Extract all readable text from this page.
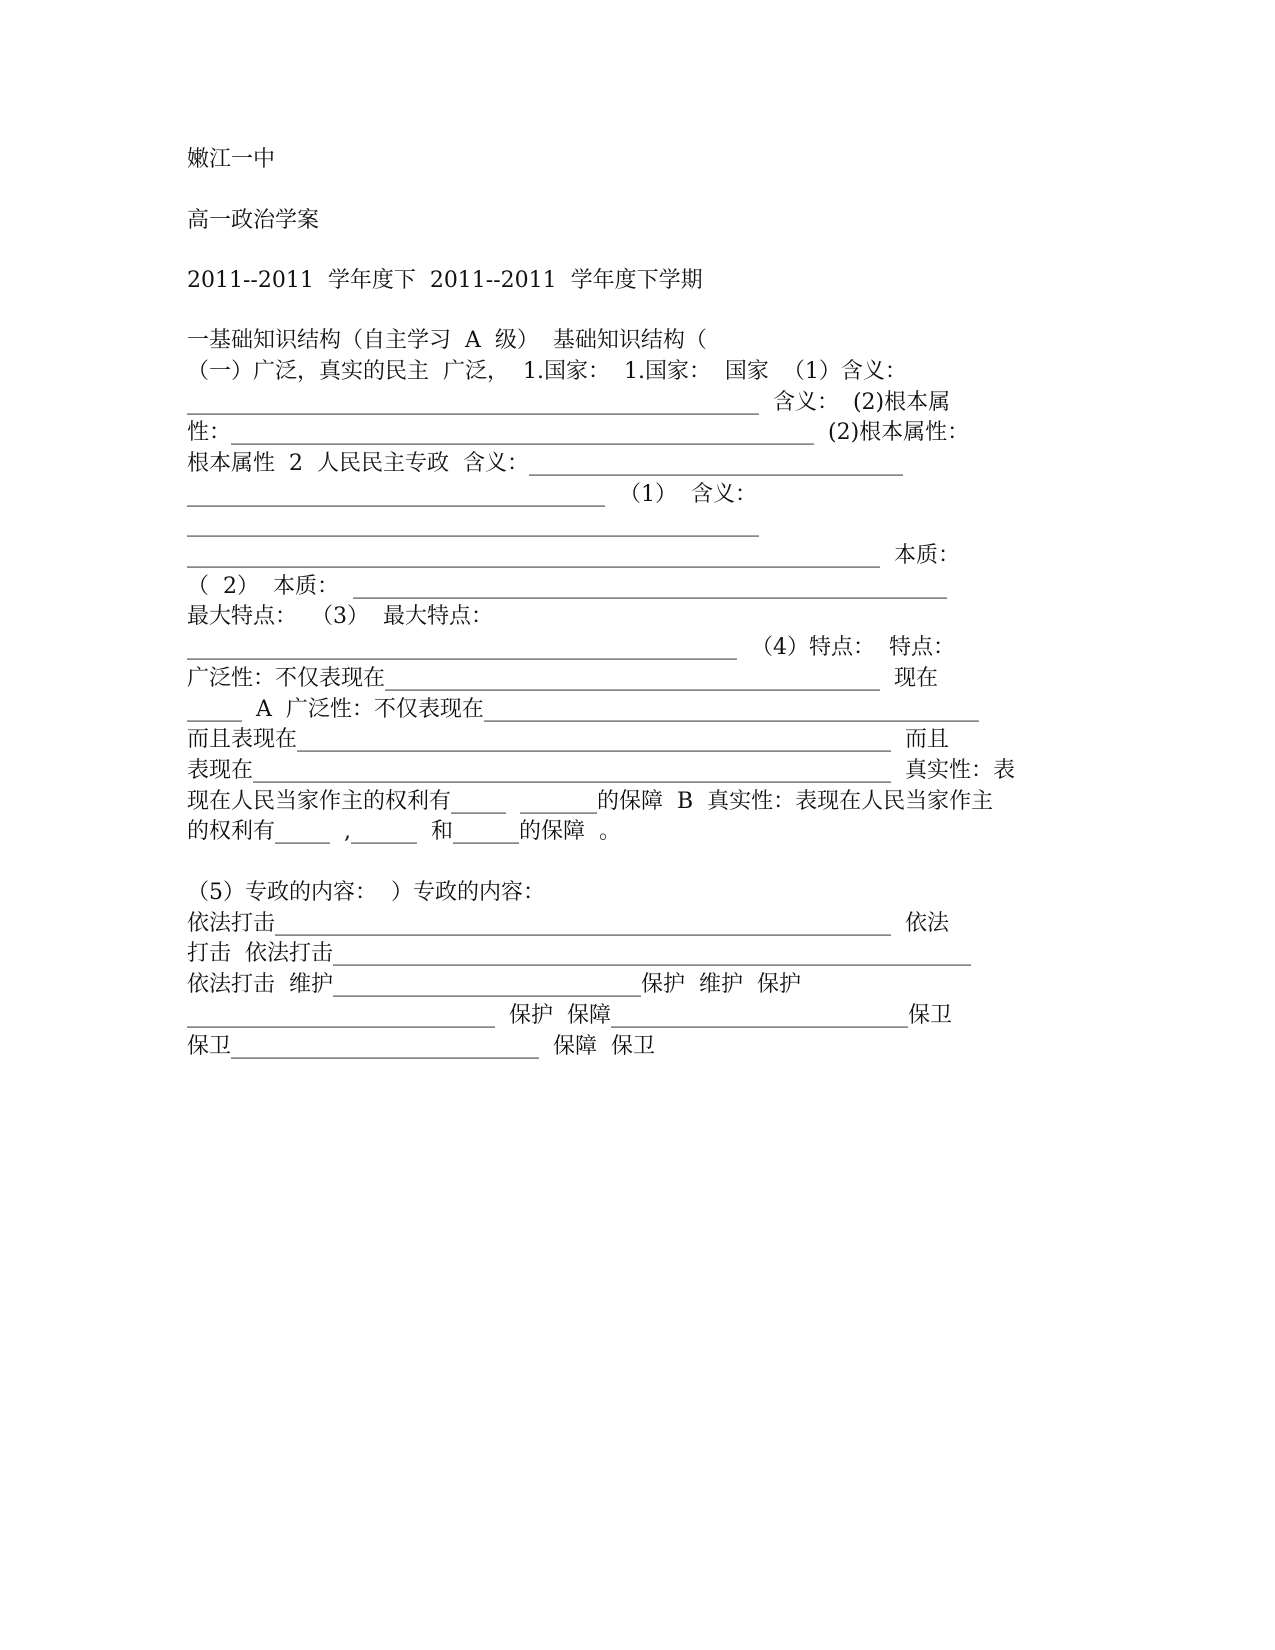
嫩江一中
高一政治学案
2011--2011  学年度下  2011--2011  学年度下学期
一基础知识结构（自主学习  A  级）  基础知识结构（
（一）广泛，真实的民主  广泛，  1.国家：  1.国家：  国家  （1）含义：
____________________________________________________  含义：  (2)根本属
性：_____________________________________________________  (2)根本属性：
根本属性  2  人民民主专政  含义：__________________________________
______________________________________  （1）  含义：
____________________________________________________
_______________________________________________________________  本质：
（  2）  本质：  ______________________________________________________
最大特点：  （3）  最大特点：
__________________________________________________  （4）特点：  特点：
广泛性：不仅表现在_____________________________________________  现在
_____  A  广泛性：不仅表现在_____________________________________________
而且表现在______________________________________________________  而且
表现在__________________________________________________________  真实性：表
现在人民当家作主的权利有_____  _______的保障  B  真实性：表现在人民当家作主
的权利有_____  ,______  和______的保障  。
（5）专政的内容：  ）专政的内容：
依法打击________________________________________________________  依法
打击  依法打击__________________________________________________________
依法打击  维护____________________________保护  维护  保护
____________________________  保护  保障___________________________保卫
保卫____________________________  保障  保卫
